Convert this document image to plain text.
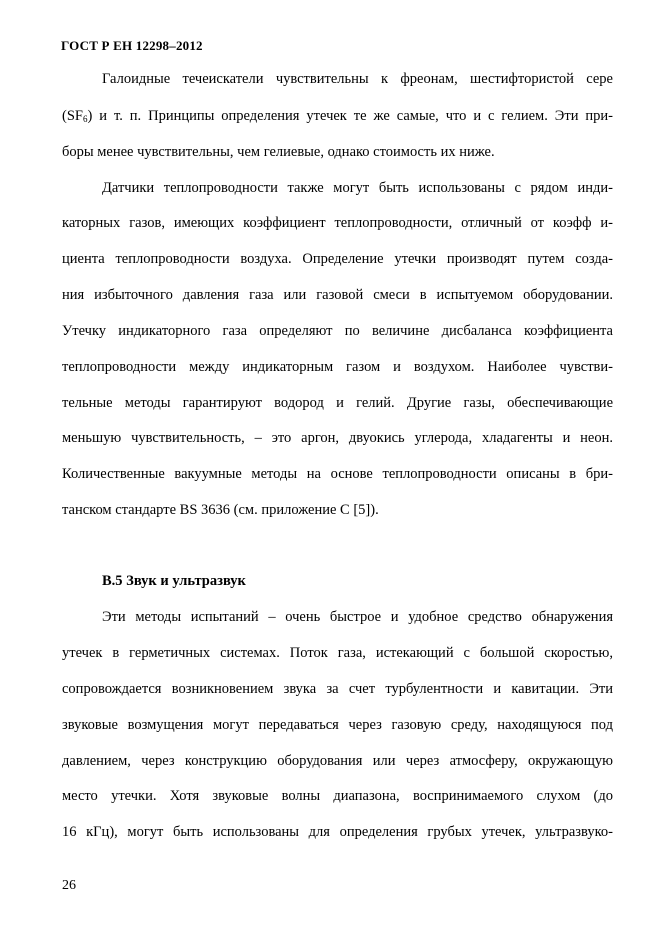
ГОСТ Р ЕН 12298–2012
Галоидные течеискатели чувствительны к фреонам, шестифтористой сере
$(SF_6)$ и т. п. Принципы определения утечек те же самые, что и с гелием. Эти при-
боры менее чувствительны, чем гелиевые, однако стоимость их ниже.
Датчики теплопроводности также могут быть использованы с рядом инди-
каторных газов, имеющих коэффициент теплопроводности, отличный от коэфф и-
циента теплопроводности воздуха. Определение утечки производят путем созда-
ния избыточного давления газа или газовой смеси в испытуемом оборудовании.
Утечку индикаторного газа определяют по величине дисбаланса коэффициента
теплопроводности между индикаторным газом и воздухом. Наиболее чувстви-
тельные методы гарантируют водород и гелий. Другие газы, обеспечивающие
меньшую чувствительность, – это аргон, двуокись углерода, хладагенты и неон.
Количественные вакуумные методы на основе теплопроводности описаны в бри-
танском стандарте BS 3636 (см. приложение С [5]).
В.5 Звук и ультразвук
Эти методы испытаний – очень быстрое и удобное средство обнаружения
утечек в герметичных системах. Поток газа, истекающий с большой скоростью,
сопровождается возникновением звука за счет турбулентности и кавитации. Эти
звуковые возмущения могут передаваться через газовую среду, находящуюся под
давлением, через конструкцию оборудования или через атмосферу, окружающую
место утечки. Хотя звуковые волны диапазона, воспринимаемого слухом (до
16 кГц), могут быть использованы для определения грубых утечек, ультразвуко-
26
